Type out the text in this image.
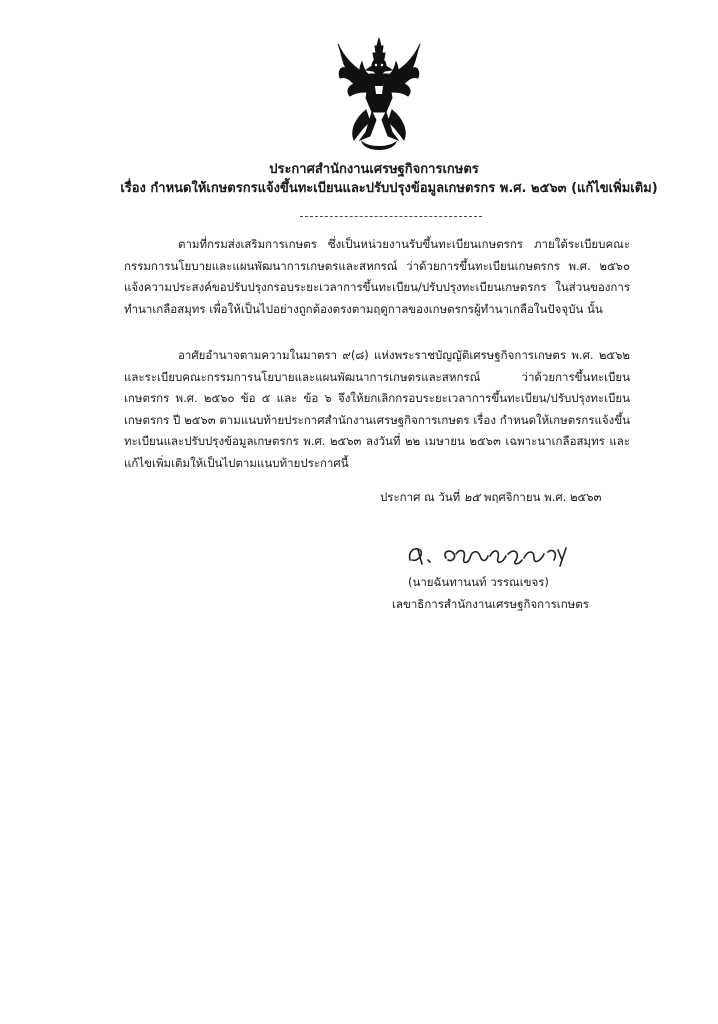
ประกาศสำนักงานเศรษฐกิจการเกษตร
เรื่อง กำหนดให้เกษตรกรแจ้งขึ้นทะเบียนและปรับปรุงข้อมูลเกษตรกร พ.ศ. ๒๕๖๓ (แก้ไขเพิ่มเติม)

ตามที่กรมส่งเสริมการเกษตร ซึ่งเป็นหน่วยงานรับขึ้นทะเบียนเกษตรกร ภายใต้ระเบียบคณะกรรมการนโยบายและแผนพัฒนาการเกษตรและสหกรณ์ ว่าด้วยการขึ้นทะเบียนเกษตรกร พ.ศ. ๒๕๖๐ แจ้งความประสงค์ขอปรับปรุงกรอบระยะเวลาการขึ้นทะเบียน/ปรับปรุงทะเบียนเกษตรกร ในส่วนของการทำนาเกลือสมุทร เพื่อให้เป็นไปอย่างถูกต้องตรงตามฤดูกาลของเกษตรกรผู้ทำนาเกลือในปัจจุบัน นั้น

อาศัยอำนาจตามความในมาตรา ๙(๘) แห่งพระราชบัญญัติเศรษฐกิจการเกษตร พ.ศ. ๒๕๖๒ และระเบียบคณะกรรมการนโยบายและแผนพัฒนาการเกษตรและสหกรณ์ ว่าด้วยการขึ้นทะเบียนเกษตรกร พ.ศ. ๒๕๖๐ ข้อ ๕ และ ข้อ ๖ จึงให้ยกเลิกกรอบระยะเวลาการขึ้นทะเบียน/ปรับปรุงทะเบียนเกษตรกร ปี ๒๕๖๓ ตามแนบท้ายประกาศสำนักงานเศรษฐกิจการเกษตร เรื่อง กำหนดให้เกษตรกรแจ้งขึ้นทะเบียนและปรับปรุงข้อมูลเกษตรกร พ.ศ. ๒๕๖๓ ลงวันที่ ๒๒ เมษายน ๒๕๖๓ เฉพาะนาเกลือสมุทร และแก้ไขเพิ่มเติมให้เป็นไปตามแนบท้ายประกาศนี้

ประกาศ ณ วันที่ ๒๕ พฤศจิกายน พ.ศ. ๒๕๖๓
(นายฉันทานนท์ วรรณเขจร)
เลขาธิการสำนักงานเศรษฐกิจการเกษตร
